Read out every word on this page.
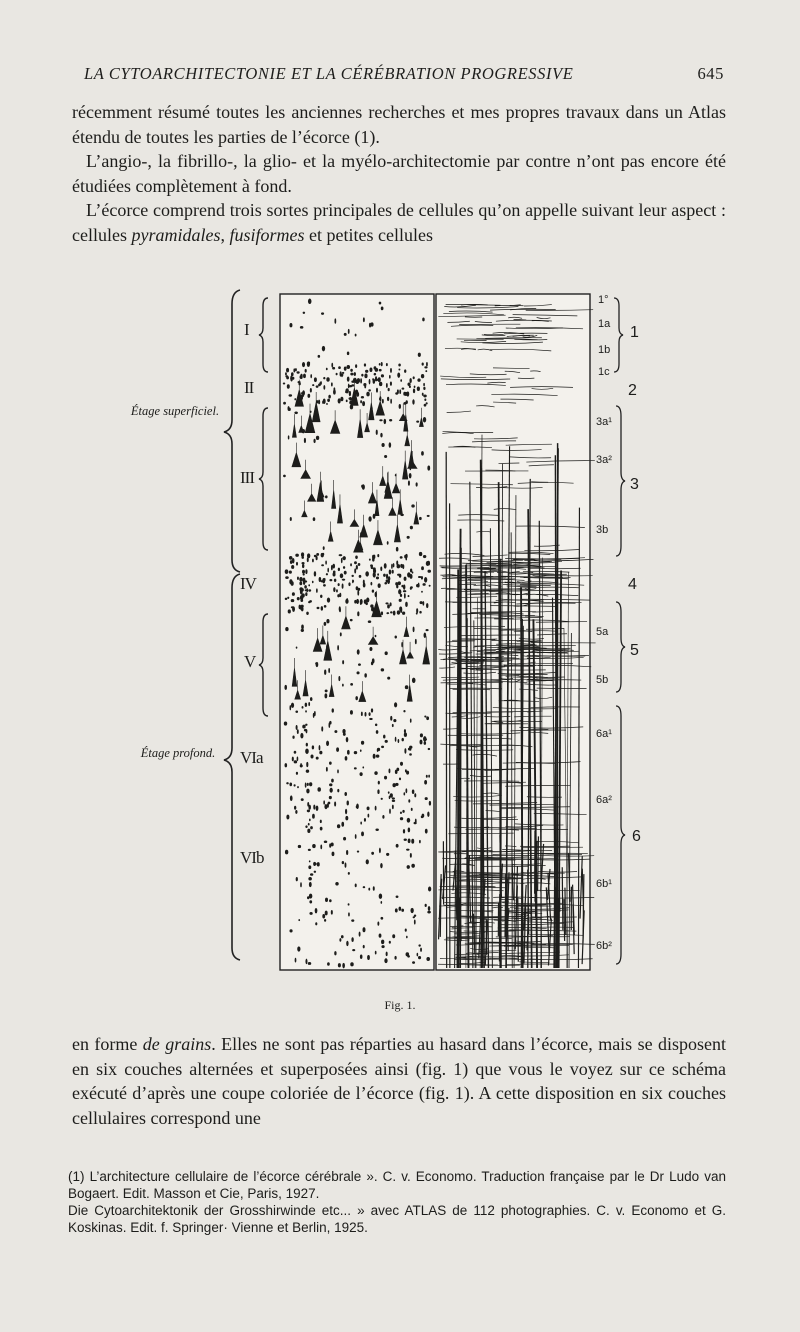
LA CYTOARCHITECTONIE ET LA CÉRÉBRATION PROGRESSIVE	645

récemment résumé toutes les anciennes recherches et mes propres travaux dans un Atlas étendu de toutes les parties de l’écorce (1).

L’angio-, la fibrillo-, la glio- et la myélo-architectomie par contre n’ont pas encore été étudiées complètement à fond.

L’écorce comprend trois sortes principales de cellules qu’on appelle suivant leur aspect : cellules pyramidales, fusiformes et petites cellules

Étage superficiel.
Étage profond.
I
II
III
IV
V
VIa
VIb
1°
1a
1b
1c
3a¹
3a²
3b
5a
5b
6a¹
6a²
6b¹
6b²
1
2
3
4
5
6
Fig. 1.

en forme de grains. Elles ne sont pas réparties au hasard dans l’écorce, mais se disposent en six couches alternées et superposées ainsi (fig. 1) que vous le voyez sur ce schéma exécuté d’après une coupe coloriée de l’écorce (fig. 1). A cette disposition en six couches cellulaires correspond une

(1) L’architecture cellulaire de l’écorce cérébrale ». C. v. Economo. Traduction française par le Dr Ludo van Bogaert. Edit. Masson et Cie, Paris, 1927.

Die Cytoarchitektonik der Grosshirwinde etc... » avec ATLAS de 112 photographies. C. v. Economo et G. Koskinas. Edit. f. Springer· Vienne et Berlin, 1925.
